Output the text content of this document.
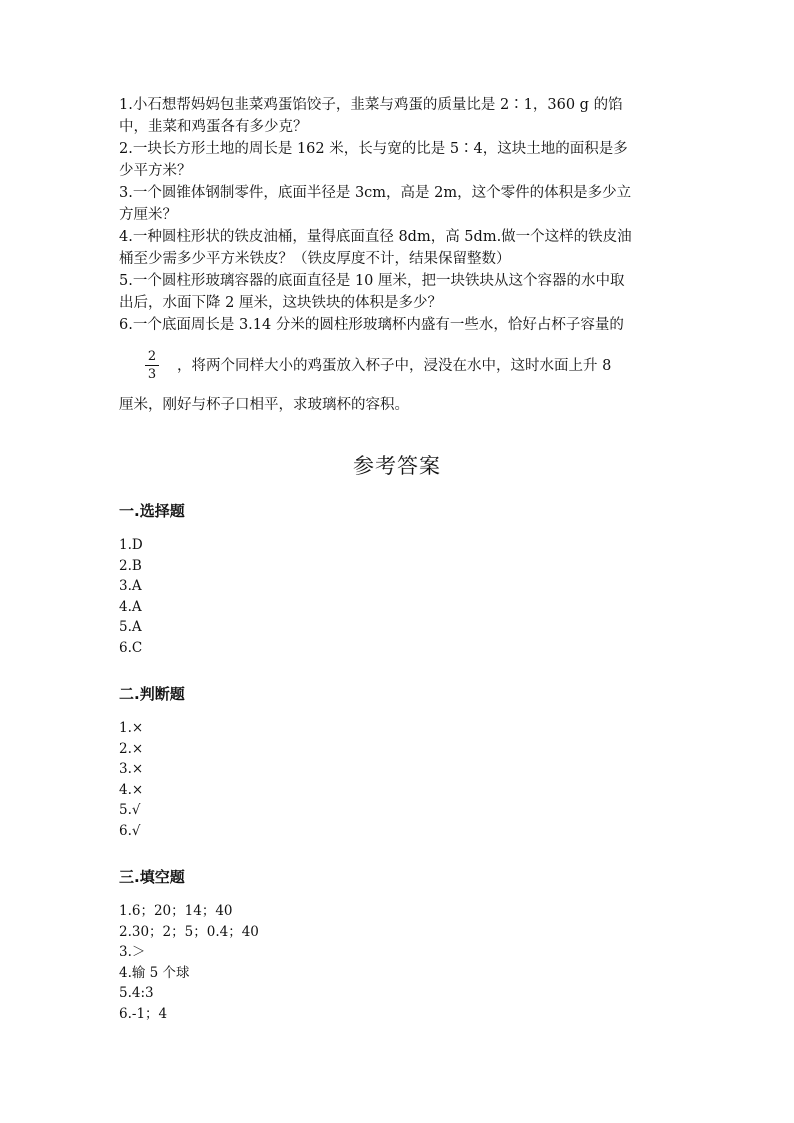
1.小石想帮妈妈包韭菜鸡蛋馅饺子，韭菜与鸡蛋的质量比是 2∶1，360 g 的馅

中，韭菜和鸡蛋各有多少克？

2.一块长方形土地的周长是 162 米，长与宽的比是 5∶4，这块土地的面积是多

少平方米？

3.一个圆锥体钢制零件，底面半径是 3cm，高是 2m，这个零件的体积是多少立

方厘米？

4.一种圆柱形状的铁皮油桶，量得底面直径 8dm，高 5dm.做一个这样的铁皮油

桶至少需多少平方米铁皮？（铁皮厚度不计，结果保留整数）

5.一个圆柱形玻璃容器的底面直径是 10 厘米，把一块铁块从这个容器的水中取

出后，水面下降 2 厘米，这块铁块的体积是多少？

6.一个底面周长是 3.14 分米的圆柱形玻璃杯内盛有一些水，恰好占杯子容量的

2
3
，将两个同样大小的鸡蛋放入杯子中，浸没在水中，这时水面上升 8
厘米，刚好与杯子口相平，求玻璃杯的容积。
参考答案

一.选择题

1.D

2.B

3.A

4.A

5.A

6.C

二.判断题

1.×

2.×

3.×

4.×

5.√

6.√

三.填空题

1.6；20；14；40

2.30；2；5；0.4；40

3.＞

4.输 5 个球

5.4:3

6.-1；4
